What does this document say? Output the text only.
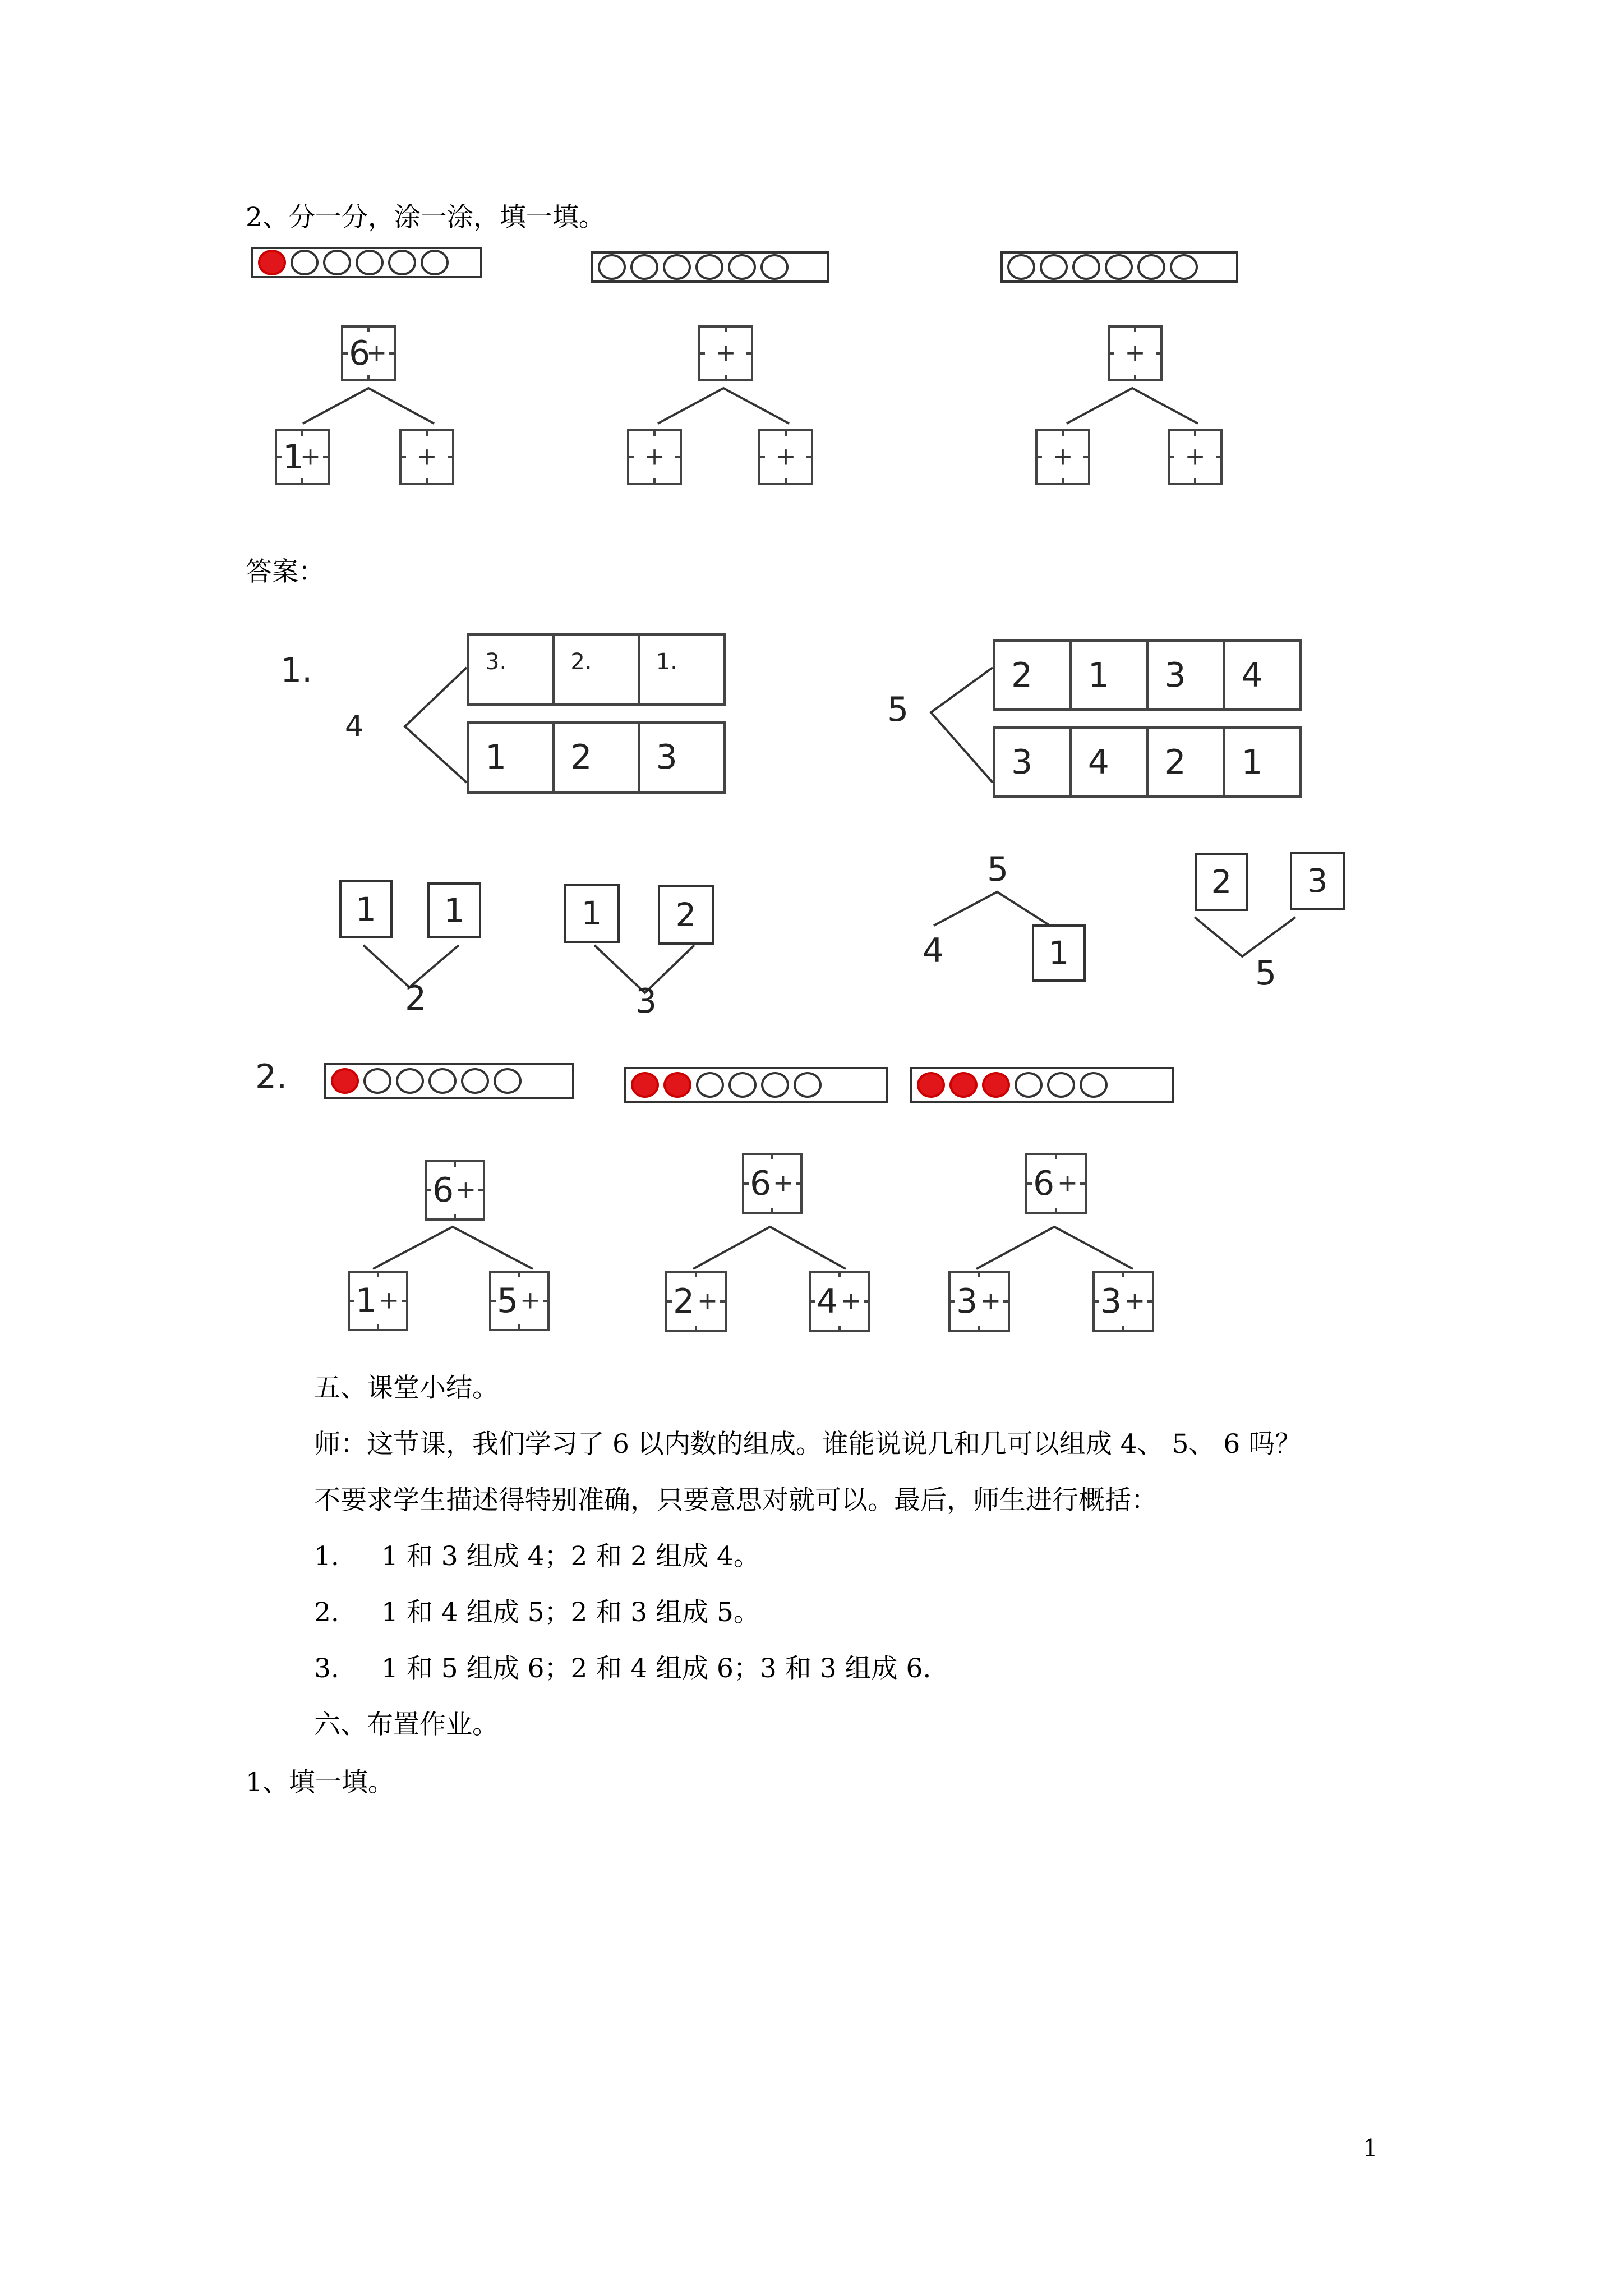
2、分一分，涂一涂，填一填。
6
+
1
+	+
+
+	+
+
+	+
答案：
1.
4
3.	2.	1.
1	2	3
5
2	1	3	4
3	4	2	1
1	1
2
1	2
3
5
4	1
2	3
5
2.
6 +
1 +	5 +
6 +
2 +	4 +
6 +
3 +	3 +
五、课堂小结。
师：这节课，我们学习了 6 以内数的组成。谁能说说几和几可以组成 4、 5、 6 吗？
不要求学生描述得特别准确，只要意思对就可以。最后，师生进行概括：
1. 1 和 3 组成 4；2 和 2 组成 4。
2. 1 和 4 组成 5；2 和 3 组成 5。
3. 1 和 5 组成 6；2 和 4 组成 6；3 和 3 组成 6.
六、布置作业。
1、填一填。
1
